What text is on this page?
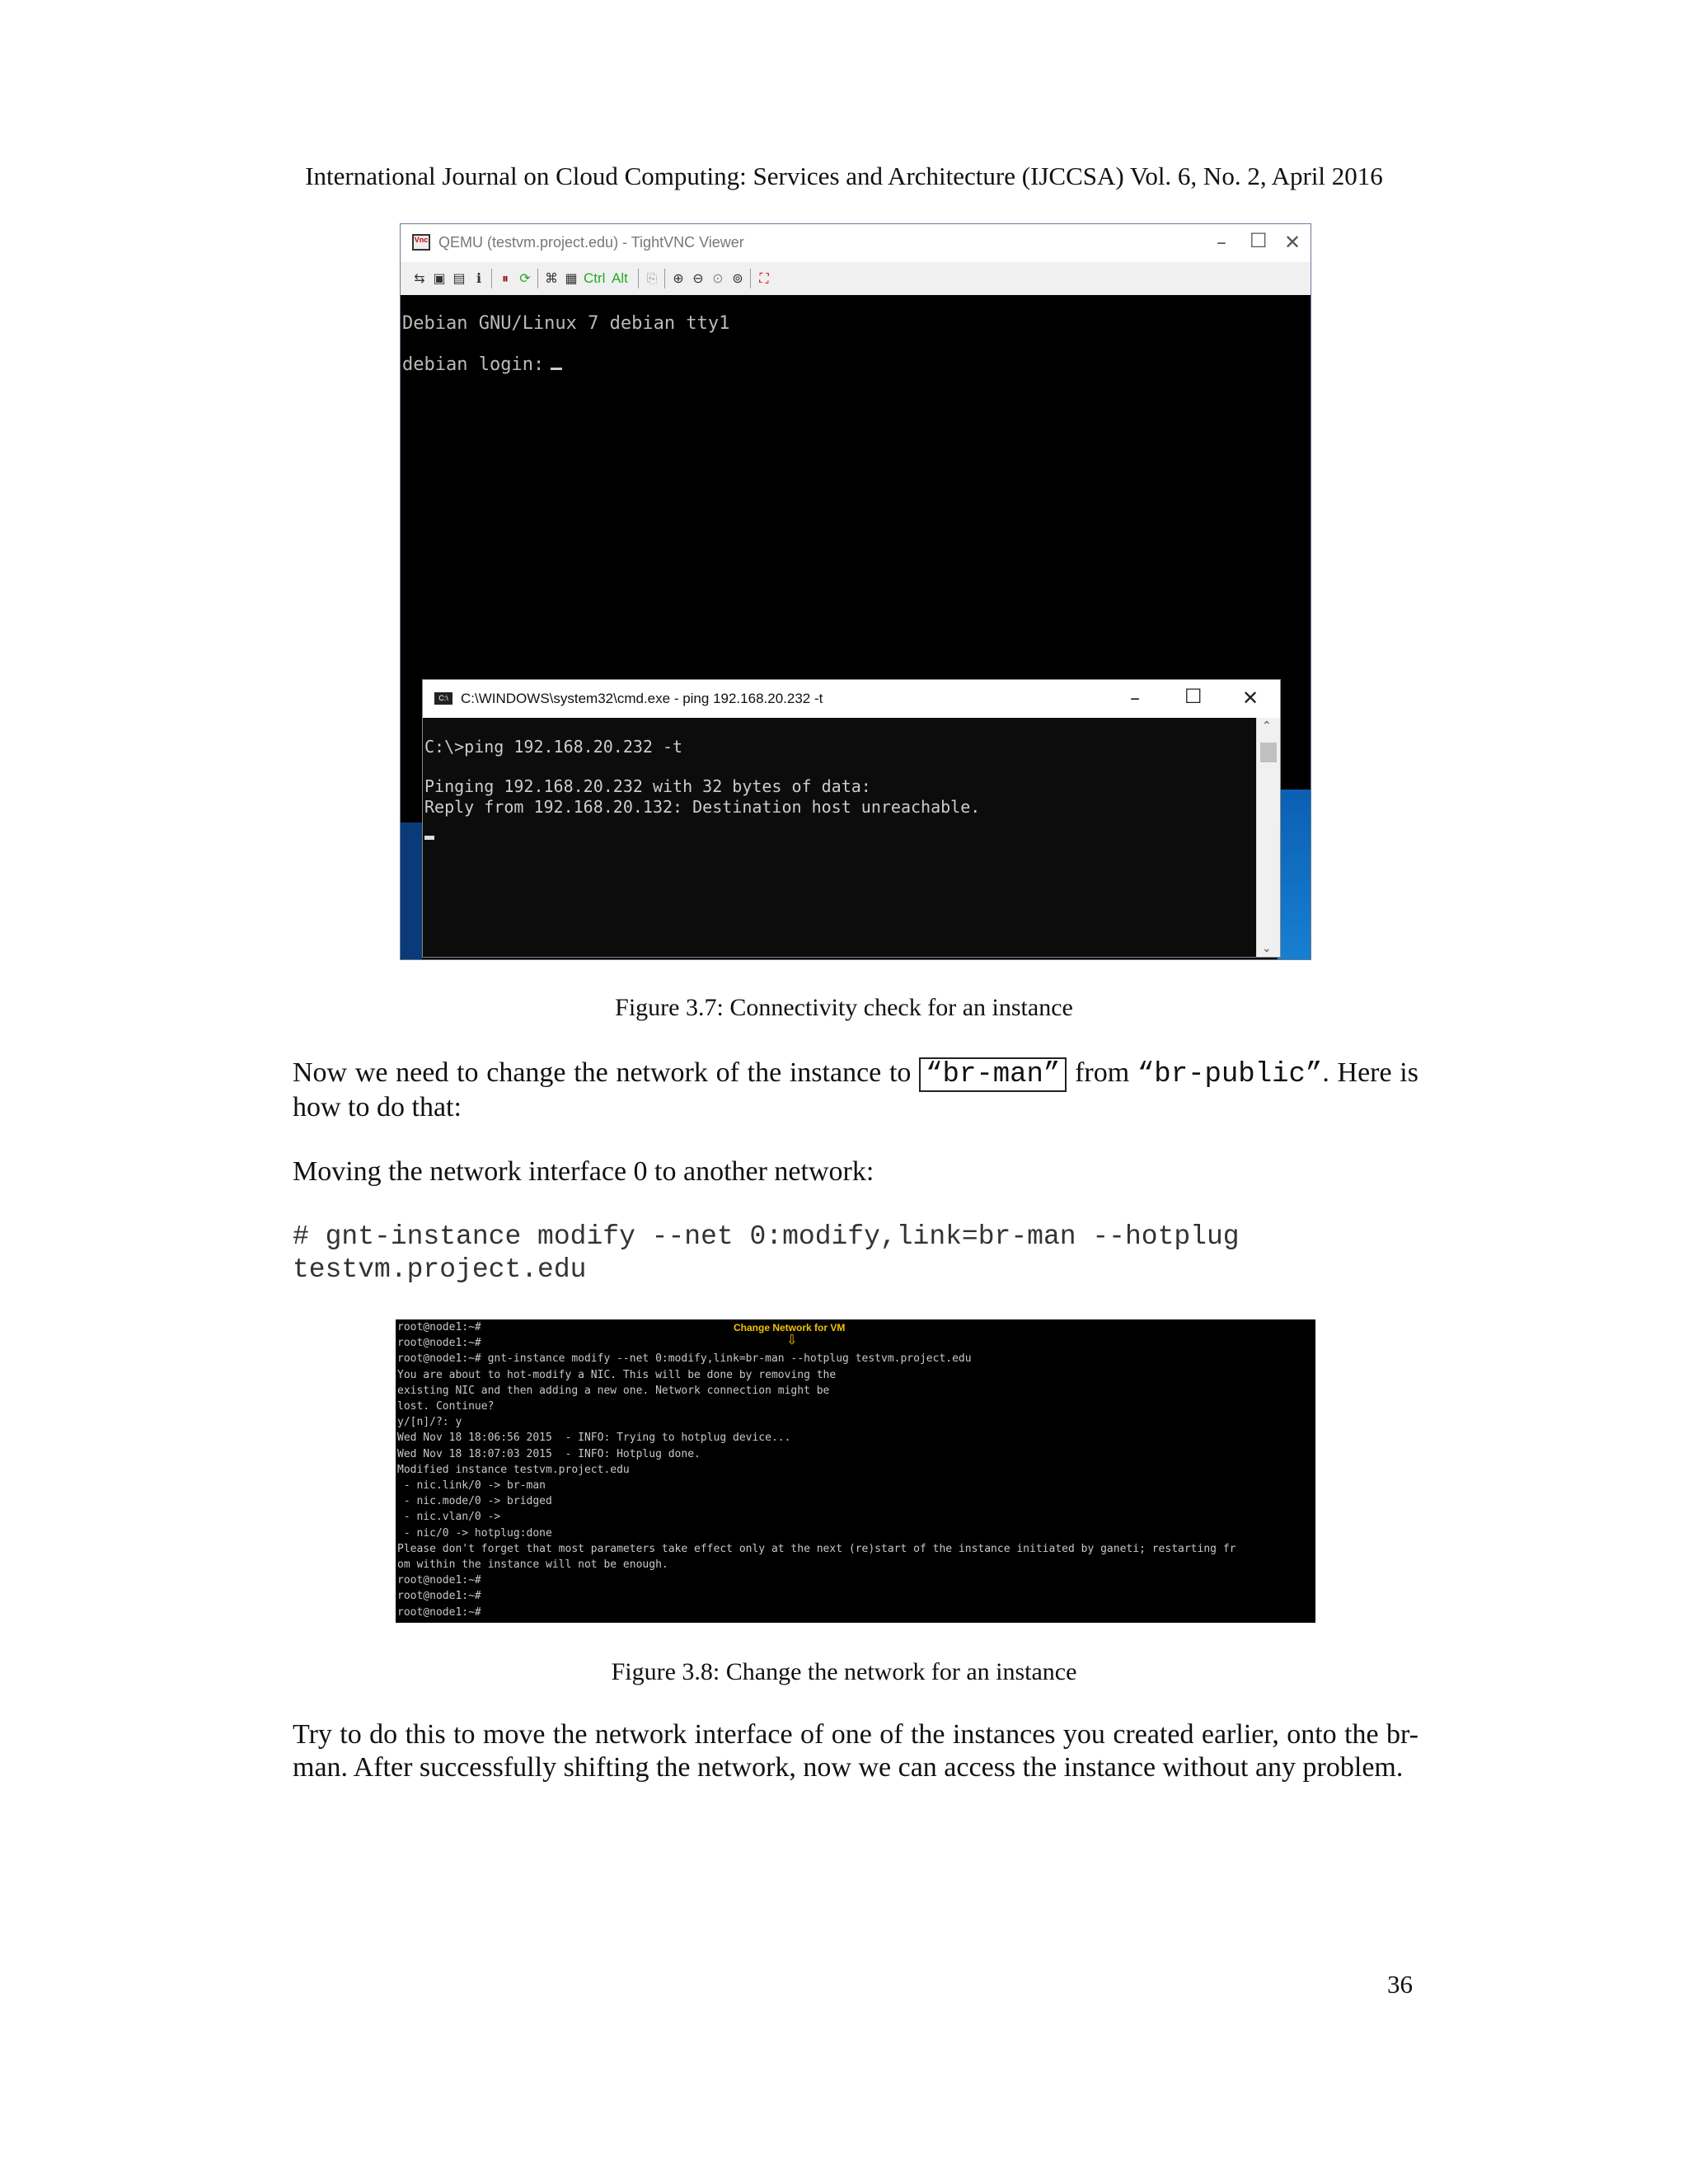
International Journal on Cloud Computing: Services and Architecture (IJCCSA) Vol. 6, No. 2, April 2016
Vnc QEMU (testvm.project.edu) - TightVNC Viewer	– ☐ ✕
⇆ ▣ ▤ ℹ	⏸ ⟳ ⌘ ▦ Ctrl Alt ⎘ ⊕ ⊖ ⊙ ⊚	⛶
Debian GNU/Linux 7 debian tty1
debian login:
C:\ C:\WINDOWS\system32\cmd.exe - ping 192.168.20.232 -t	– ☐ ✕
C:\>ping 192.168.20.232 -t
Pinging 192.168.20.232 with 32 bytes of data:
Reply from 192.168.20.132: Destination host unreachable.
⌃
⌄
Figure 3.7: Connectivity check for an instance
Now we need to change the network of the instance to “br-man” from “br-public”. Here is how to do that:
Moving the network interface 0 to another network:
# gnt-instance modify --net 0:modify,link=br-man --hotplug
testvm.project.edu
Change Network for VM
⇩
root@node1:~#
root@node1:~#
root@node1:~# gnt-instance modify --net 0:modify,link=br-man --hotplug testvm.project.edu
You are about to hot-modify a NIC. This will be done by removing the
existing NIC and then adding a new one. Network connection might be
lost. Continue?
y/[n]/?: y
Wed Nov 18 18:06:56 2015  - INFO: Trying to hotplug device...
Wed Nov 18 18:07:03 2015  - INFO: Hotplug done.
Modified instance testvm.project.edu
- nic.link/0 -> br-man
- nic.mode/0 -> bridged
- nic.vlan/0 ->
- nic/0 -> hotplug:done
Please don't forget that most parameters take effect only at the next (re)start of the instance initiated by ganeti; restarting fr
om within the instance will not be enough.
root@node1:~#
root@node1:~#
root@node1:~#
Figure 3.8: Change the network for an instance
Try to do this to move the network interface of one of the instances you created earlier, onto the br-man. After successfully shifting the network, now we can access the instance without any problem.
36
